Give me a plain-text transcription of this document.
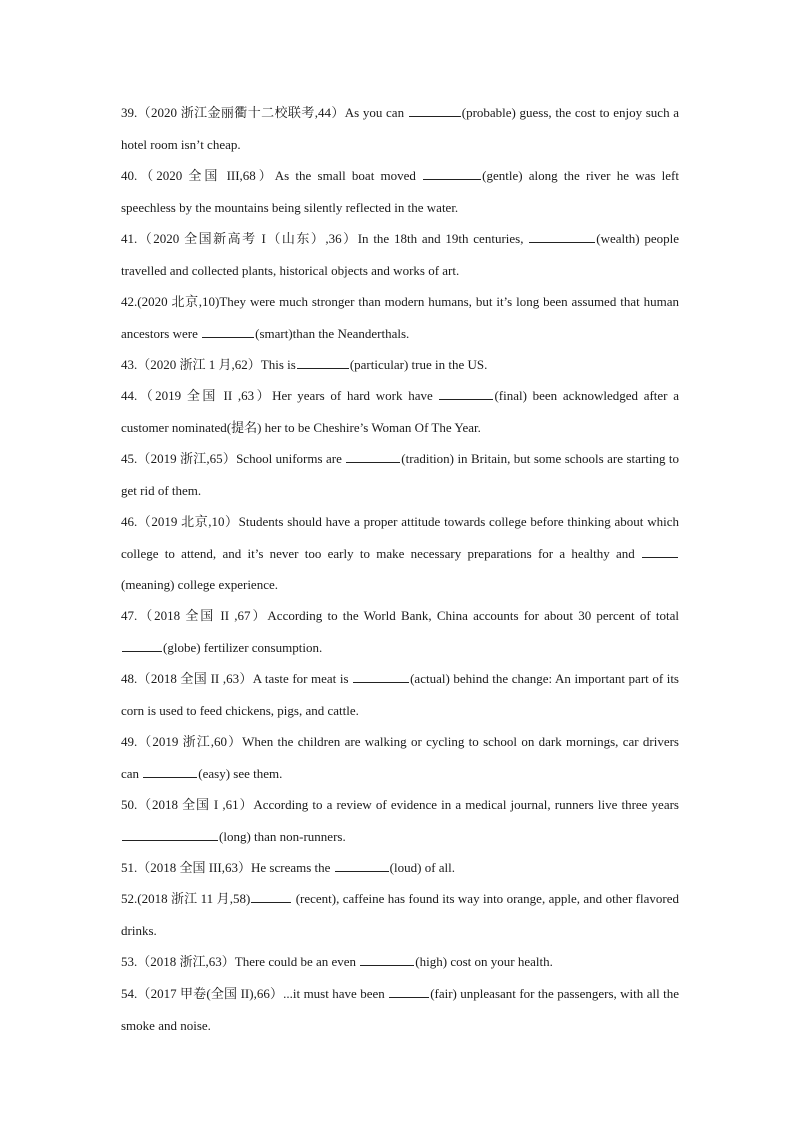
39.（2020 浙江金丽衢十二校联考,44）As you can	(probable) guess, the cost to enjoy such a hotel room isn’t cheap.
40.（2020 全国 III,68）As the small boat moved	(gentle) along the river he was left speechless by the mountains being silently reflected in the water.
41.（2020 全国新高考 I（山东）,36）In the 18th and 19th centuries,	(wealth) people travelled and collected plants, historical objects and works of art.
42.(2020 北京,10)They were much stronger than modern humans, but it’s long been assumed that human ancestors were	(smart)than the Neanderthals.
43.（2020 浙江 1 月,62）This is	(particular) true in the US.
44.（2019 全国 II ,63）Her years of hard work have	(final) been acknowledged after a customer nominated(提名) her to be Cheshire’s Woman Of The Year.
45.（2019 浙江,65）School uniforms are	(tradition) in Britain, but some schools are starting to get rid of them.
46.（2019 北京,10）Students should have a proper attitude towards college before thinking about which college to attend, and it’s never too early to make necessary preparations for a healthy and (meaning) college experience.
47.（2018 全国 II ,67）According to the World Bank, China accounts for about 30 percent of total (globe) fertilizer consumption.
48.（2018 全国 II ,63）A taste for meat is	(actual) behind the change: An important part of its corn is used to feed chickens, pigs, and cattle.
49.（2019 浙江,60）When the children are walking or cycling to school on dark mornings, car drivers can	(easy) see them.
50.（2018 全国 I ,61）According to a review of evidence in a medical journal, runners live three years (long) than non-runners.
51.（2018 全国 III,63）He screams the	(loud) of all.
52.(2018 浙江 11 月,58)	(recent), caffeine has found its way into orange, apple, and other flavored drinks.
53.（2018 浙江,63）There could be an even	(high) cost on your health.
54.（2017 甲卷(全国 II),66）...it must have been	(fair) unpleasant for the passengers, with all the smoke and noise.
